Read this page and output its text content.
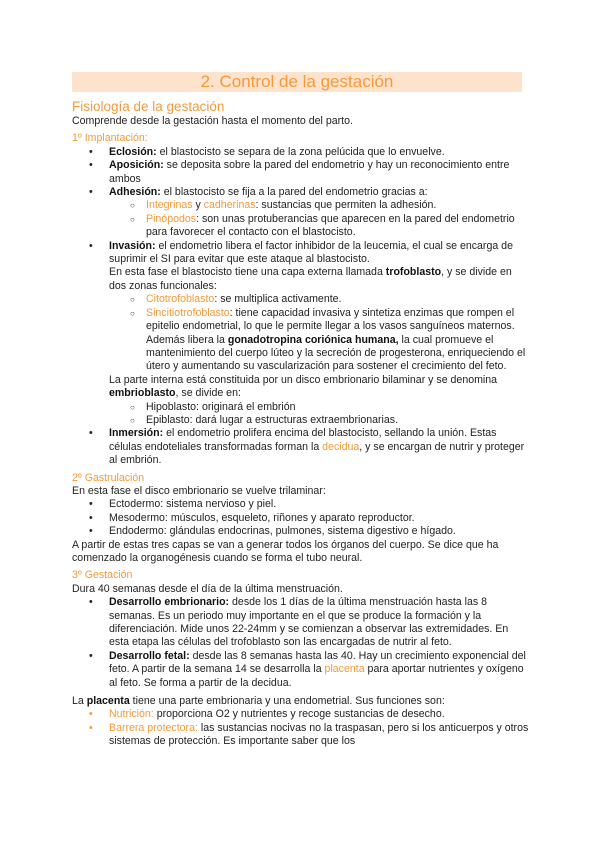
2. Control de la gestación
Fisiología de la gestación

Comprende desde la gestación hasta el momento del parto.

1º Implantación:
• Eclosión: el blastocisto se separa de la zona pelúcida que lo envuelve.
• Aposición: se deposita sobre la pared del endometrio y hay un reconocimiento entre ambos
• Adhesión: el blastocisto se fija a la pared del endometrio gracias a:
○ Integrinas y cadherinas: sustancias que permiten la adhesión.
○ Pinópodos: son unas protuberancias que aparecen en la pared del endometrio para favorecer el contacto con el blastocisto.
• Invasión: el endometrio libera el factor inhibidor de la leucemia, el cual se encarga de suprimir el SI para evitar que este ataque al blastocisto.
En esta fase el blastocisto tiene una capa externa llamada trofoblasto, y se divide en dos zonas funcionales:
○ Citotrofoblasto: se multiplica activamente.
○ Sincitiotrofoblasto: tiene capacidad invasiva y sintetiza enzimas que rompen el epitelio endometrial, lo que le permite llegar a los vasos sanguíneos maternos. Además libera la gonadotropina coriónica humana, la cual promueve el mantenimiento del cuerpo lúteo y la secreción de progesterona, enriqueciendo el útero y aumentando su vascularización para sostener el crecimiento del feto.
La parte interna está constituida por un disco embrionario bilaminar y se denomina embrioblasto, se divide en:
○ Hipoblasto: originará el embrión
○ Epiblasto: dará lugar a estructuras extraembrionarias.
• Inmersión: el endometrio prolifera encima del blastocisto, sellando la unión. Estas células endoteliales transformadas forman la decidua, y se encargan de nutrir y proteger al embrión.
2º Gastrulación

En esta fase el disco embrionario se vuelve trilaminar:

• Ectodermo: sistema nervioso y piel.
• Mesodermo: músculos, esqueleto, riñones y aparato reproductor.
• Endodermo: glándulas endocrinas, pulmones, sistema digestivo e hígado.

A partir de estas tres capas se van a generar todos los órganos del cuerpo. Se dice que ha comenzado la organogénesis cuando se forma el tubo neural.

3º Gestación

Dura 40 semanas desde el día de la última menstruación.

• Desarrollo embrionario: desde los 1 días de la última menstruación hasta las 8 semanas. Es un periodo muy importante en el que se produce la formación y la diferenciación. Mide unos 22-24mm y se comienzan a observar las extremidades. En esta etapa las células del trofoblasto son las encargadas de nutrir al feto.
• Desarrollo fetal: desde las 8 semanas hasta las 40. Hay un crecimiento exponencial del feto. A partir de la semana 14 se desarrolla la placenta para aportar nutrientes y oxígeno al feto. Se forma a partir de la decidua.

La placenta tiene una parte embrionaria y una endometrial. Sus funciones son:

• Nutrición: proporciona O2 y nutrientes y recoge sustancias de desecho.
• Barrera protectora: las sustancias nocivas no la traspasan, pero si los anticuerpos y otros sistemas de protección. Es importante saber que los
